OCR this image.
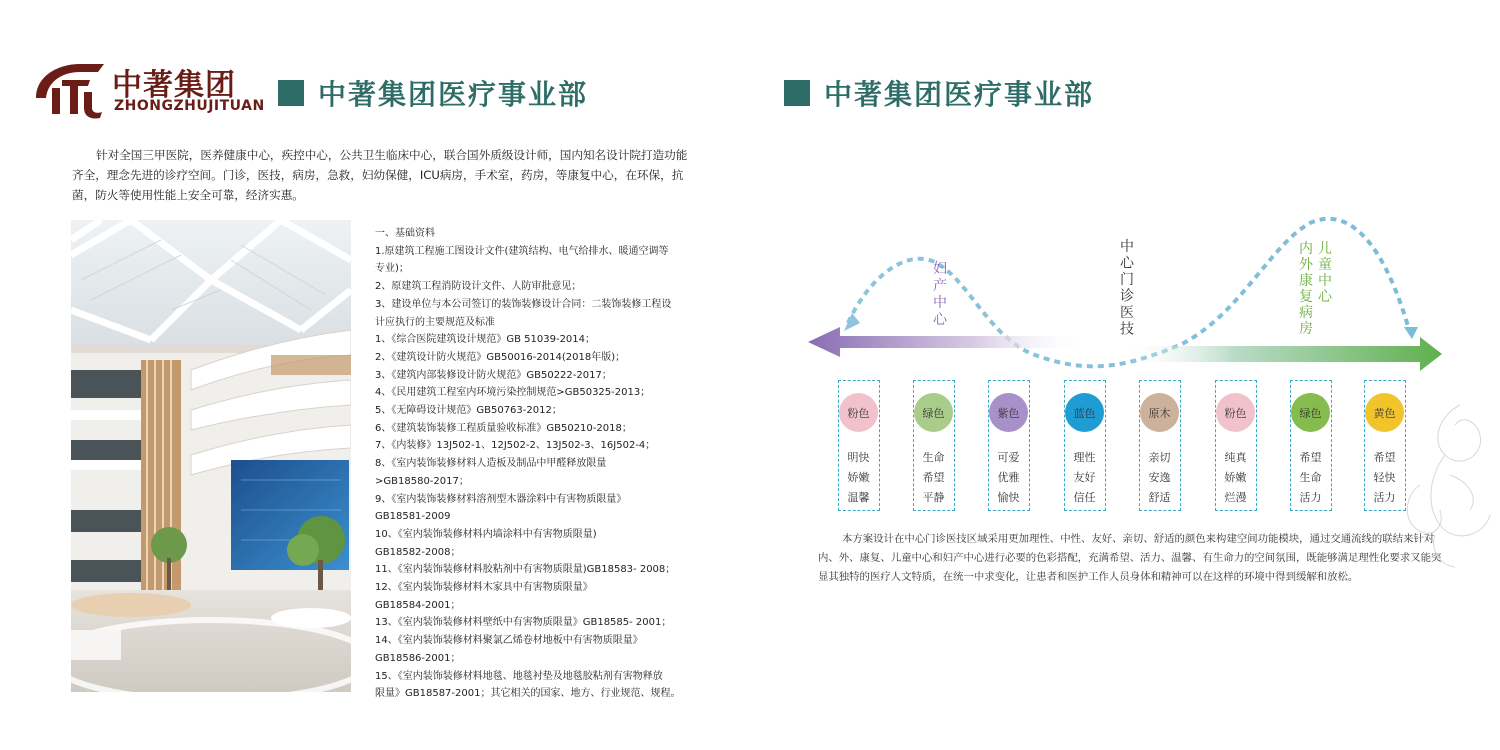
中著集团
ZHONGZHUJITUAN 中著集团医疗事业部
针对全国三甲医院，医养健康中心，疾控中心，公共卫生临床中心，联合国外质级设计师，国内知名设计院打造功能齐全，理念先进的诊疗空间。门诊，医技，病房，急救，妇幼保健，ICU病房，手术室，药房，等康复中心，在环保，抗菌，防火等使用性能上安全可靠，经济实惠。
一、基础资料
1.原建筑工程施工图设计文件(建筑结构、电气给排水、暖通空调等
专业)；
2、原建筑工程消防设计文件、人防审批意见；
3、建设单位与本公司签订的装饰装修设计合同：二装饰装修工程设
计应执行的主要规范及标准
1、《综合医院建筑设计规范》GB 51039-2014；
2、《建筑设计防火规范》GB50016-2014(2018年版)；
3、《建筑内部装修设计防火规范》GB50222-2017；
4、《民用建筑工程室内环境污染控制规范>GB50325-2013；
5、《无障碍设计规范》GB50763-2012；
6、《建筑装饰装修工程质量验收标准》GB50210-2018；
7、《内装修》13J502-1、12J502-2、13J502-3、16J502-4；
8、《室内装饰装修材料人造板及制品中甲醛释放限量
>GB18580-2017；
9、《室内装饰装修材料溶剂型木器涂料中有害物质限量》
GB18581-2009
10、《室内装饰装修材料内墙涂料中有害物质限量)
GB18582-2008；
11、《室内装饰装修材料胶粘剂中有害物质限量)GB18583- 2008；
12、《室内装饰装修材料木家具中有害物质限量》
GB18584-2001；
13、《室内装饰装修材料壁纸中有害物质限量》GB18585- 2001；
14、《室内装饰装修材料聚氯乙烯卷材地板中有害物质限量》
GB18586-2001；
15、《室内装饰装修材料地毯、地毯衬垫及地毯胶粘剂有害物释放
限量》GB18587-2001；其它相关的国家、地方、行业规范、规程。
中著集团医疗事业部
妇产中心
中心门诊医技
儿童中心
内外康复病房
粉色
明快
娇嫩
温馨
绿色
生命
希望
平静
紫色
可爱
优雅
愉快
蓝色
理性
友好
信任
原木
亲切
安逸
舒适
粉色
纯真
娇嫩
烂漫
绿色
希望
生命
活力
黄色
希望
轻快
活力
本方案设计在中心门诊医技区域采用更加理性、中性、友好、亲切、舒适的颜色来构建空间功能模块，通过交通流线的联结来针对内、外、康复、儿童中心和妇产中心进行必要的色彩搭配，充满希望、活力、温馨、有生命力的空间氛围，既能够满足理性化要求又能突显其独特的医疗人文特质，在统一中求变化，让患者和医护工作人员身体和精神可以在这样的环境中得到缓解和放松。
